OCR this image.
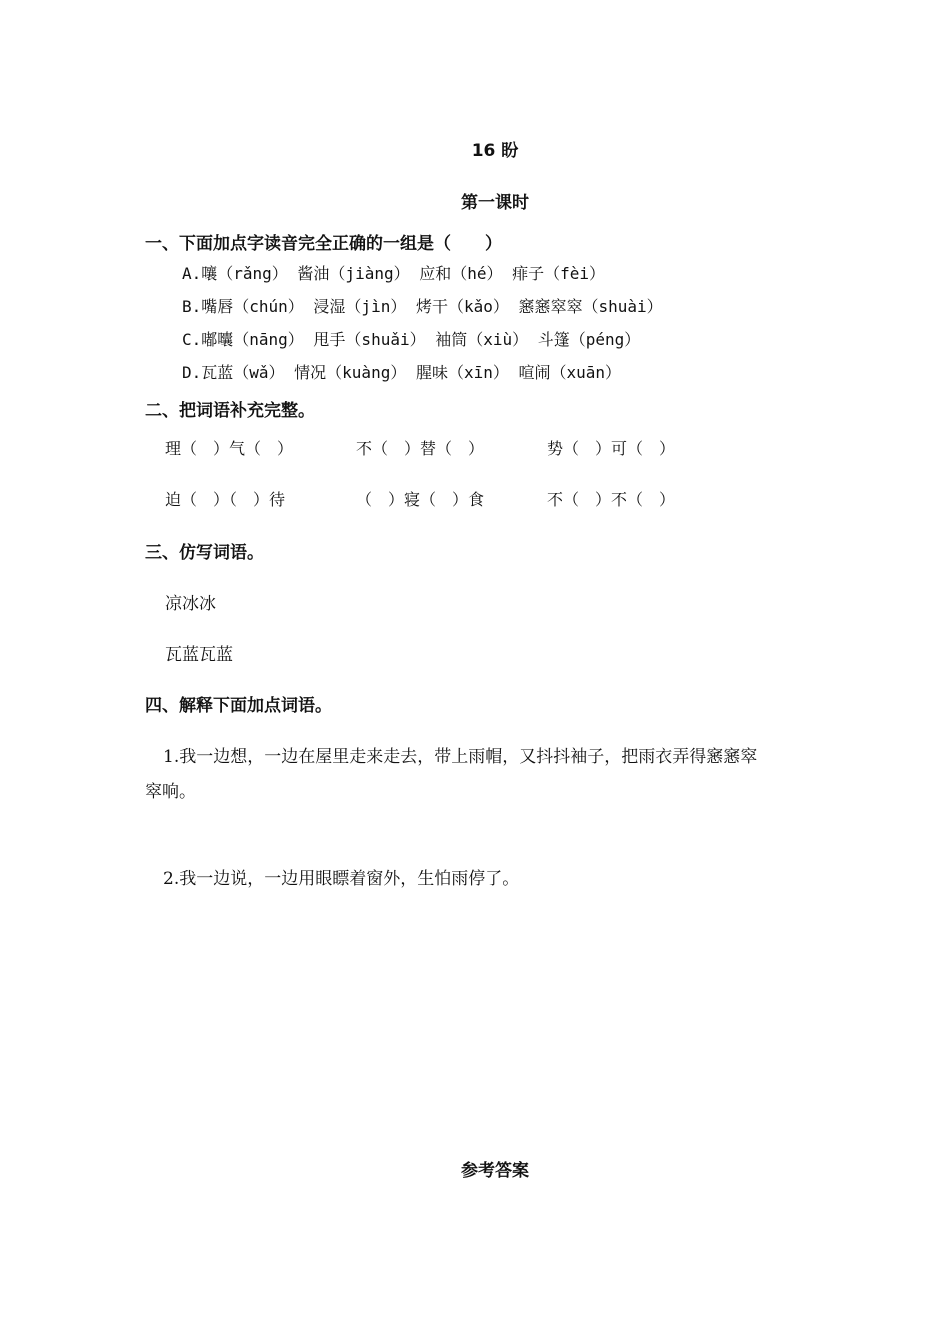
16 盼
第一课时
一、下面加点字读音完全正确的一组是（　　）
A.嚷（rǎng） 酱油（jiàng） 应和（hé） 痱子（fèi）
B.嘴唇（chún） 浸湿（jìn） 烤干（kǎo） 窸窸窣窣（shuài）
C.嘟囔（nāng） 甩手（shuǎi） 袖筒（xiù） 斗篷（péng）
D.瓦蓝（wǎ） 情况（kuàng） 腥味（xīn） 喧闹（xuān）
二、把词语补充完整。
理（　）气（　）	不（　）替（　）	势（　）可（　）
迫（　）（　）待	（　）寝（　）食	不（　）不（　）
三、仿写词语。
凉冰冰
瓦蓝瓦蓝
四、解释下面加点词语。
1.我一边想，一边在屋里走来走去，带上雨帽，又抖抖袖子，把雨衣弄得窸窸窣
窣响。
2.我一边说，一边用眼瞟着窗外，生怕雨停了。
参考答案
